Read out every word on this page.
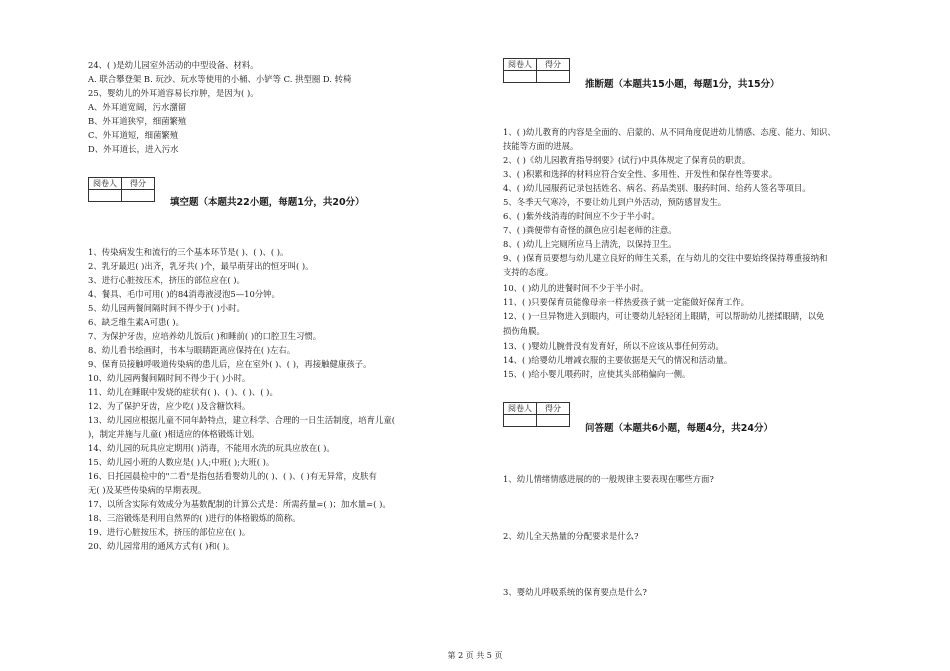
24、( )是幼儿园室外活动的中型设备、材料。
A. 联合攀登架 B. 玩沙、玩水等使用的小桶、小铲等 C. 拱型圈 D. 转椅
25、婴幼儿的外耳道容易长疖肿，是因为( )。
A、外耳道宽阔，污水潴留
B、外耳道狭窄，细菌繁殖
C、外耳道短，细菌繁殖
D、外耳道长，进入污水
阅卷人	得分

填空题（本题共22小题，每题1分，共20分）
1、传染病发生和流行的三个基本环节是( )、( )、( )。
2、乳牙最迟( )出齐，乳牙共( )个，最早萌芽出的恒牙叫( )。
3、进行心脏按压术，挤压的部位应在( )。
4、餐具、毛巾可用( )的84消毒液浸泡5—10分钟。
5、幼儿园两餐间隔时间不得少于( )小时。
6、缺乏维生素A可患( )。
7、为保护牙齿，应培养幼儿饭后( )和睡前( )的口腔卫生习惯。
8、幼儿看书绘画时，书本与眼睛距离应保持在( )左右。
9、保育员接触呼吸道传染病的患儿后，应在室外( )、( )，再接触健康孩子。
10、幼儿园两餐间隔时间不得少于( )小时。
11、幼儿在睡眠中发烧的症状有( )、( )、( )、( )。
12、为了保护牙齿，应少吃( )及含糖饮料。
13、幼儿园应根据儿童不同年龄特点，建立科学、合理的一日生活制度，培育儿童(
)，制定并施与儿童( )相适应的体格锻炼计划。
14、幼儿园的玩具应定期用( )消毒，不能用水洗的玩具应放在( )。
15、幼儿园小班的人数应是( )人;中班( );大班( )。
16、日托园晨检中的"二看"是指包括看婴幼儿的( )、( )、( )有无异常，皮肤有
无( )及某些传染病的早期表现。
17、以所含实际有效成分为基数配制的计算公式是：所需药量=( )；加水量=( )。
18、三浴锻炼是利用自然界的( )进行的体格锻炼的简称。
19、进行心脏按压术，挤压的部位应在( )。
20、幼儿园常用的通风方式有( )和( )。
阅卷人	得分

推断题（本题共15小题，每题1分，共15分）
1、( )幼儿教育的内容是全面的、启蒙的、从不同角度促进幼儿情感、态度、能力、知识、
技能等方面的进展。
2、( )《幼儿园教育指导纲要》(试行)中具体规定了保育员的职责。
3、( )积累和选择的材料应符合安全性、多用性、开发性和保存性等要求。
4、( )幼儿园服药记录包括姓名、病名、药品类别、服药时间、给药人签名等项目。
5、冬季天气寒冷，不要让幼儿到户外活动，预防感冒发生。
6、( )紫外线消毒的时间应不少于半小时。
7、( )粪便带有奇怪的颜色应引起老师的注意。
8、( )幼儿上完厕所应马上清洗，以保持卫生。
9、( )保育员要想与幼儿建立良好的师生关系，在与幼儿的交往中要始终保持尊重接纳和
支持的态度。
10、( )幼儿的进餐时间不少于半小时。
11、( )只要保育员能像母亲一样热爱孩子就一定能做好保育工作。
12、( )一旦异物进入到眼内，可让婴幼儿轻轻闭上眼睛，可以帮助幼儿搓揉眼睛，以免
损伤角膜。
13、( )婴幼儿腕骨没有发育好，所以不应该从事任何劳动。
14、( )给婴幼儿增减衣服的主要依据是天气的情况和活动量。
15、( )给小婴儿喂药时，应使其头部稍偏向一侧。
阅卷人	得分

问答题（本题共6小题，每题4分，共24分）
1、幼儿情绪情感进展的的一般规律主要表现在哪些方面?
2、幼儿全天热量的分配要求是什么?
3、婴幼儿呼吸系统的保育要点是什么?
第 2 页 共 5 页
